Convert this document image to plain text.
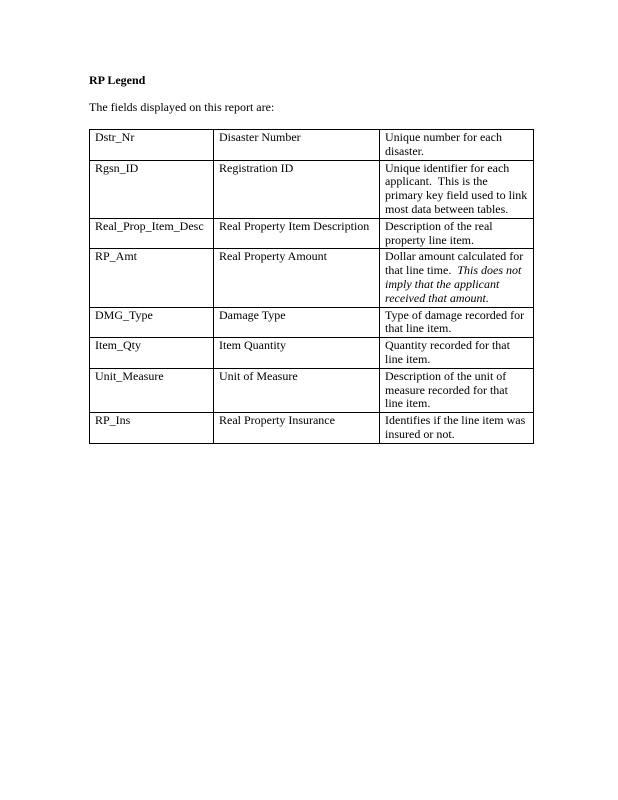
RP Legend
The fields displayed on this report are:
Dstr_Nr	Disaster Number	Unique number for each disaster.
Rgsn_ID	Registration ID	Unique identifier for each applicant.  This is the primary key field used to link most data between tables.
Real_Prop_Item_Desc	Real Property Item Description	Description of the real property line item.
RP_Amt	Real Property Amount	Dollar amount calculated for that line time.  This does not imply that the applicant received that amount.
DMG_Type	Damage Type	Type of damage recorded for that line item.
Item_Qty	Item Quantity	Quantity recorded for that line item.
Unit_Measure	Unit of Measure	Description of the unit of measure recorded for that line item.
RP_Ins	Real Property Insurance	Identifies if the line item was insured or not.
